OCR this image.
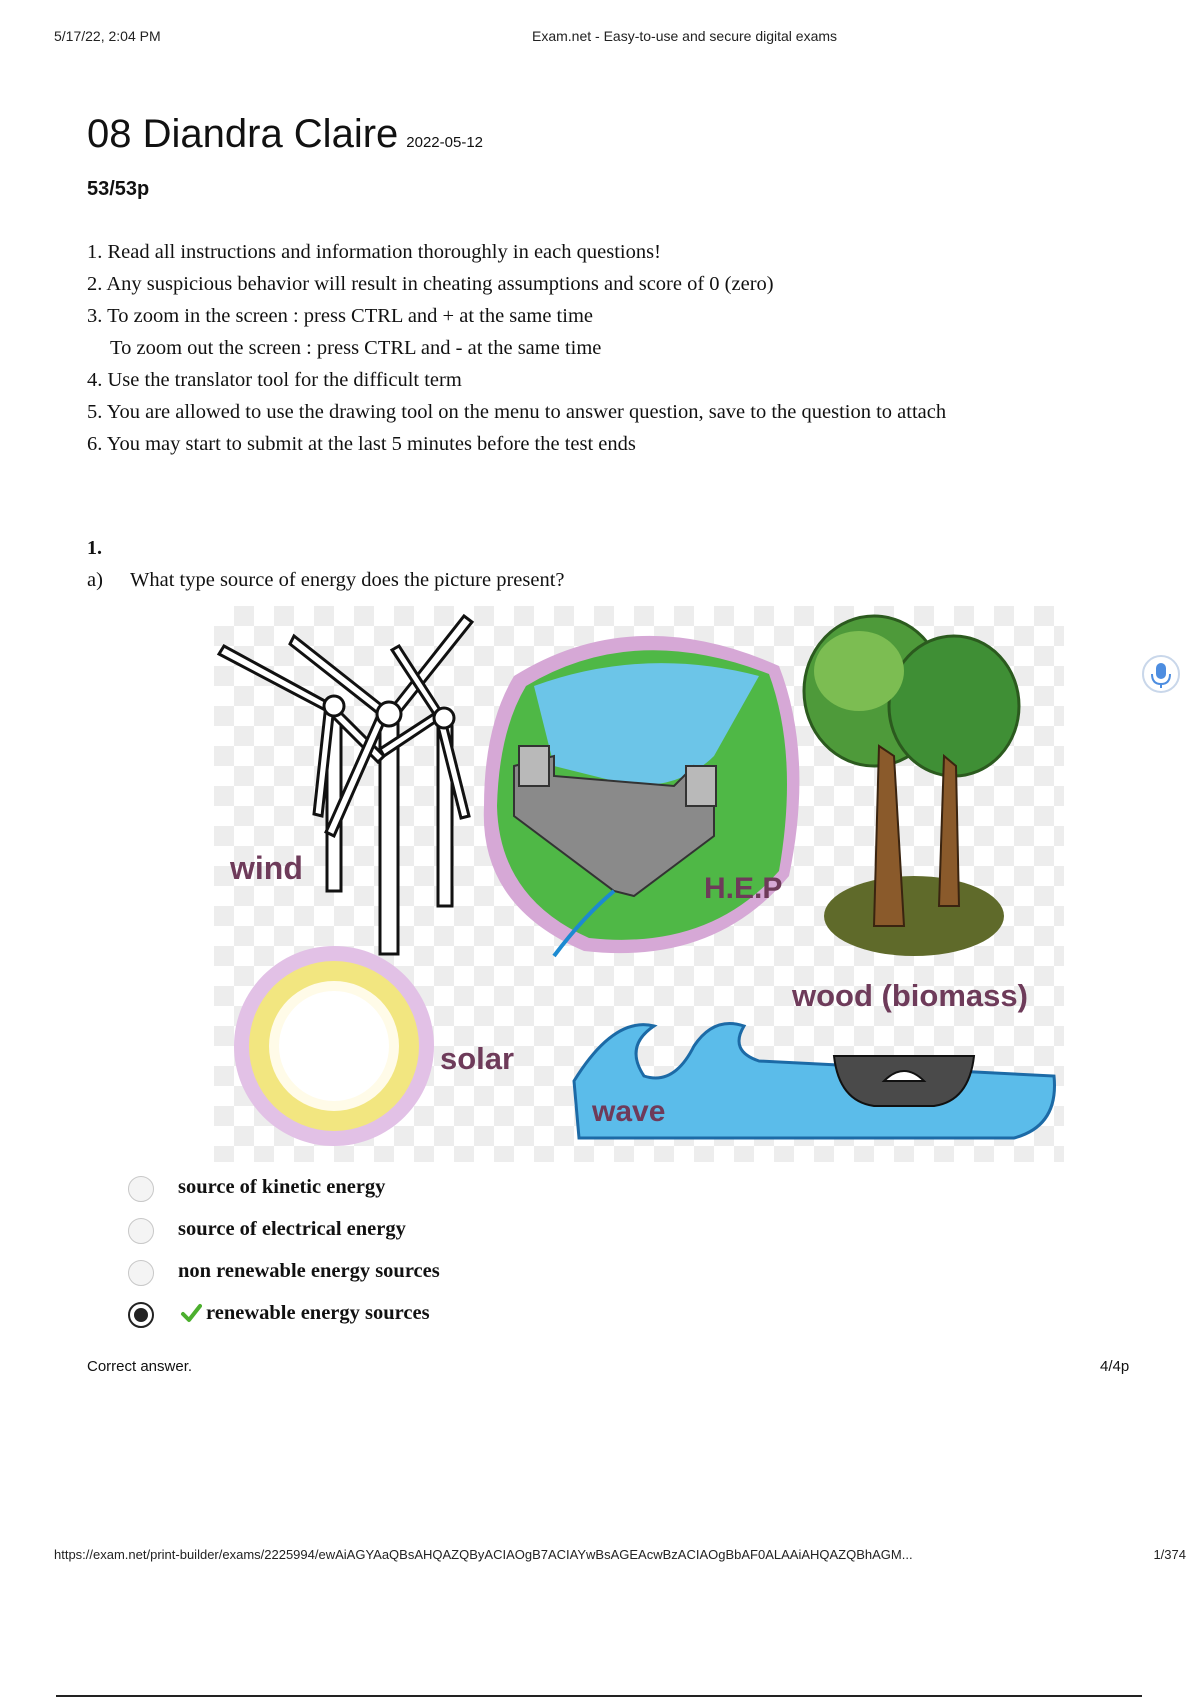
5/17/22, 2:04 PM	Exam.net - Easy-to-use and secure digital exams
08 Diandra Claire 2022-05-12
53/53p
1. Read all instructions and information thoroughly in each questions!
2. Any suspicious behavior will result in cheating assumptions and score of 0 (zero)
3. To zoom in the screen : press CTRL and + at the same time
To zoom out the screen : press CTRL and - at the same time
4. Use the translator tool for the difficult term
5. You are allowed to use the drawing tool on the menu to answer question, save to the question to attach
6. You may start to submit at the last 5 minutes before the test ends
1.
a) What type source of energy does the picture present?
wind
H.E.P
wood (biomass)
solar
wave
source of kinetic energy
source of electrical energy
non renewable energy sources
renewable energy sources
Correct answer.	4/4p
https://exam.net/print-builder/exams/2225994/ewAiAGYAaQBsAHQAZQByACIAOgB7ACIAYwBsAGEAcwBzACIAOgBbAF0ALAAiAHQAZQBhAGM...	1/374
